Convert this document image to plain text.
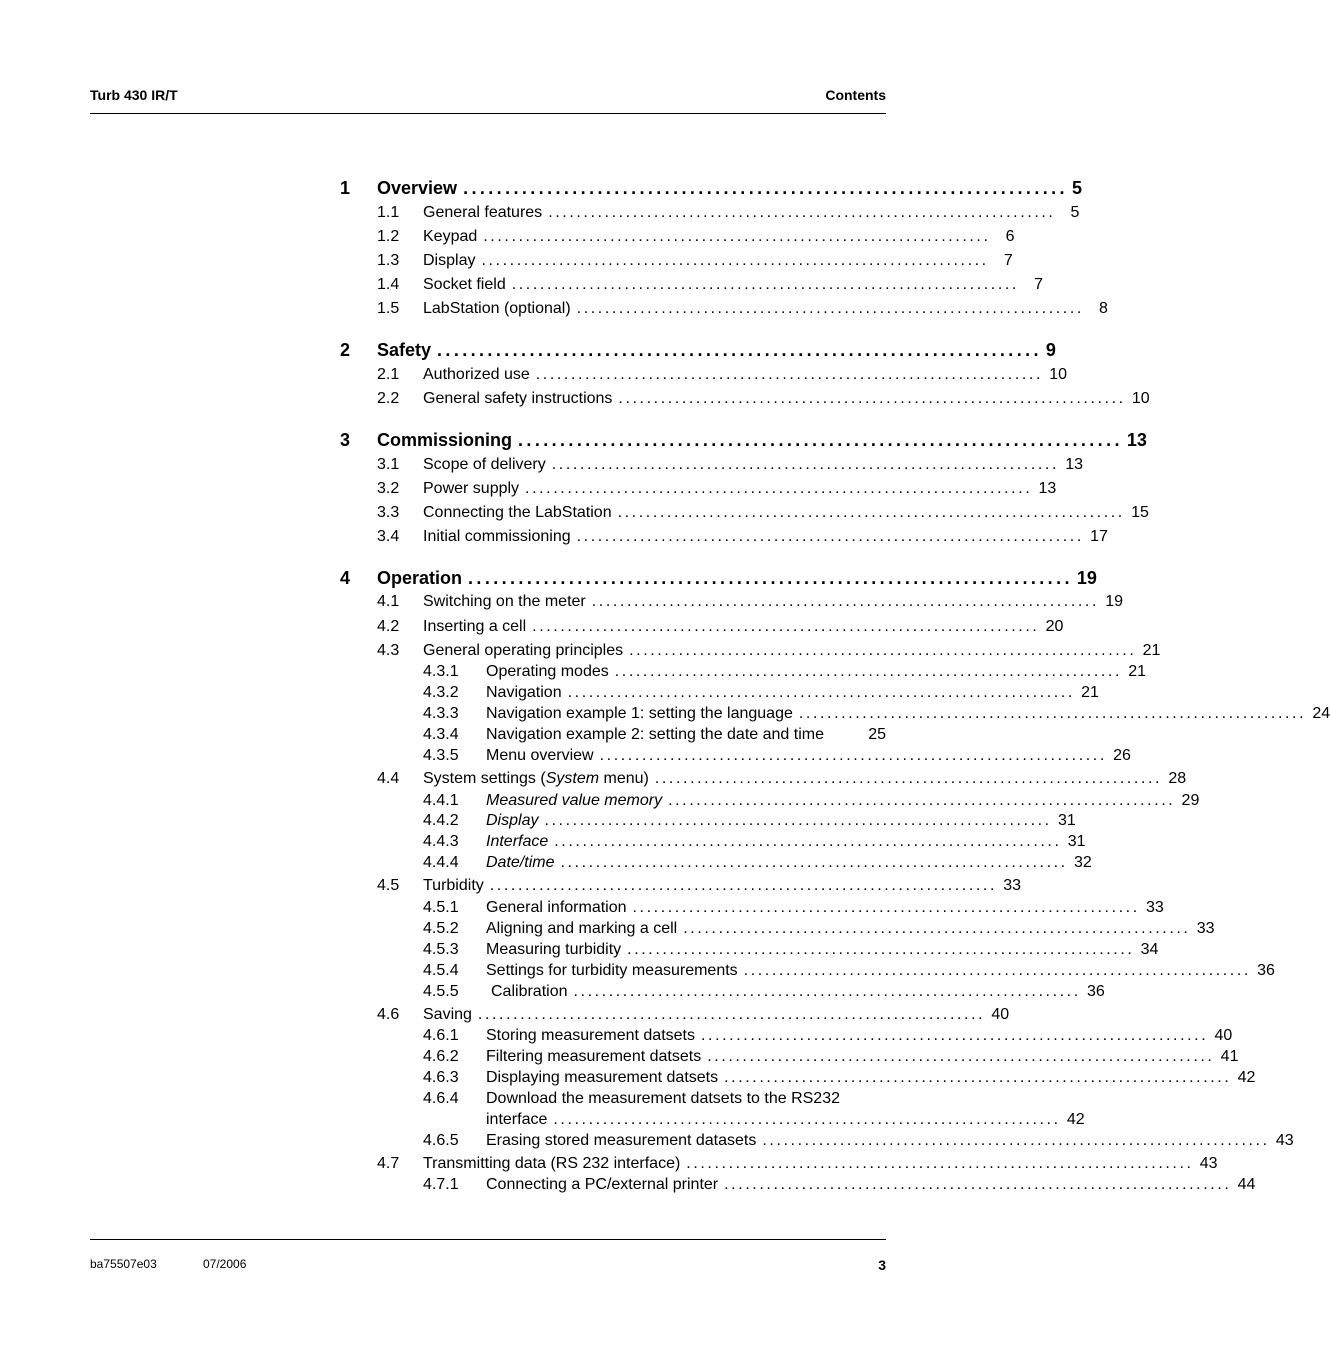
Turb 430 IR/T	Contents
1 Overview ........................................................................ 5
1.1 General features ........................................................................ 5
1.2 Keypad ........................................................................ 6
1.3 Display ........................................................................ 7
1.4 Socket field ........................................................................ 7
1.5 LabStation (optional) ........................................................................ 8
2 Safety ........................................................................ 9
2.1 Authorized use ........................................................................ 10
2.2 General safety instructions ........................................................................ 10
3 Commissioning ........................................................................ 13
3.1 Scope of delivery ........................................................................ 13
3.2 Power supply ........................................................................ 13
3.3 Connecting the LabStation ........................................................................ 15
3.4 Initial commissioning ........................................................................ 17
4 Operation ........................................................................ 19
4.1 Switching on the meter ........................................................................ 19
4.2 Inserting a cell ........................................................................ 20
4.3 General operating principles ........................................................................ 21
4.3.1 Operating modes ........................................................................ 21
4.3.2 Navigation ........................................................................ 21
4.3.3 Navigation example 1: setting the language ........................................................................ 24
4.3.4 Navigation example 2: setting the date and time	25
4.3.5 Menu overview ........................................................................ 26
4.4 System settings (System menu) ........................................................................ 28
4.4.1 Measured value memory ........................................................................ 29
4.4.2 Display ........................................................................ 31
4.4.3 Interface ........................................................................ 31
4.4.4 Date/time ........................................................................ 32
4.5 Turbidity ........................................................................ 33
4.5.1 General information ........................................................................ 33
4.5.2 Aligning and marking a cell ........................................................................ 33
4.5.3 Measuring turbidity ........................................................................ 34
4.5.4 Settings for turbidity measurements ........................................................................ 36
4.5.5 Calibration ........................................................................ 36
4.6 Saving ........................................................................ 40
4.6.1 Storing measurement datsets ........................................................................ 40
4.6.2 Filtering measurement datsets ........................................................................ 41
4.6.3 Displaying measurement datsets ........................................................................ 42
4.6.4 Download the measurement datsets to the RS232
interface ........................................................................ 42
4.6.5 Erasing stored measurement datasets ........................................................................ 43
4.7 Transmitting data (RS 232 interface) ........................................................................ 43
4.7.1 Connecting a PC/external printer ........................................................................ 44
ba75507e03	07/2006	3
